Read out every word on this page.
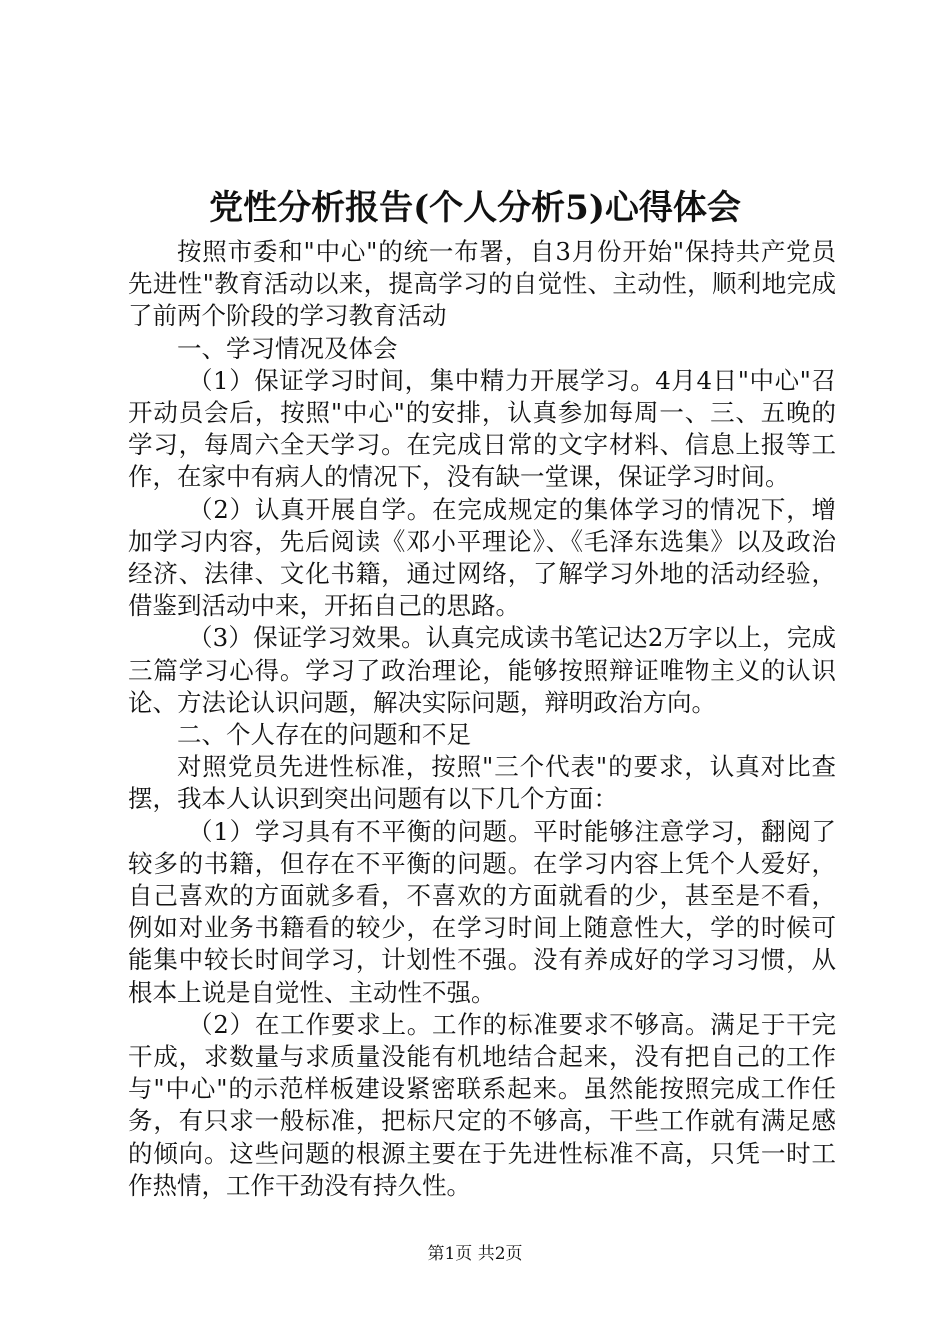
党性分析报告(个人分析5)心得体会

按照市委和"中心"的统一布署，自3月份开始"保持共产党员先进性"教育活动以来，提高学习的自觉性、主动性，顺利地完成了前两个阶段的学习教育活动

一、学习情况及体会

（1）保证学习时间，集中精力开展学习。4月4日"中心"召开动员会后，按照"中心"的安排，认真参加每周一、三、五晚的学习，每周六全天学习。在完成日常的文字材料、信息上报等工作，在家中有病人的情况下，没有缺一堂课，保证学习时间。

（2）认真开展自学。在完成规定的集体学习的情况下，增加学习内容，先后阅读《邓小平理论》、《毛泽东选集》以及政治经济、法律、文化书籍，通过网络，了解学习外地的活动经验，借鉴到活动中来，开拓自己的思路。

（3）保证学习效果。认真完成读书笔记达2万字以上，完成三篇学习心得。学习了政治理论，能够按照辩证唯物主义的认识论、方法论认识问题，解决实际问题，辩明政治方向。

二、个人存在的问题和不足

对照党员先进性标准，按照"三个代表"的要求，认真对比查摆，我本人认识到突出问题有以下几个方面：

（1）学习具有不平衡的问题。平时能够注意学习，翻阅了较多的书籍，但存在不平衡的问题。在学习内容上凭个人爱好，自己喜欢的方面就多看，不喜欢的方面就看的少，甚至是不看，例如对业务书籍看的较少，在学习时间上随意性大，学的时候可能集中较长时间学习，计划性不强。没有养成好的学习习惯，从根本上说是自觉性、主动性不强。

（2）在工作要求上。工作的标准要求不够高。满足于干完干成，求数量与求质量没能有机地结合起来，没有把自己的工作与"中心"的示范样板建设紧密联系起来。虽然能按照完成工作任务，有只求一般标准，把标尺定的不够高，干些工作就有满足感的倾向。这些问题的根源主要在于先进性标准不高，只凭一时工作热情，工作干劲没有持久性。

第1页 共2页
